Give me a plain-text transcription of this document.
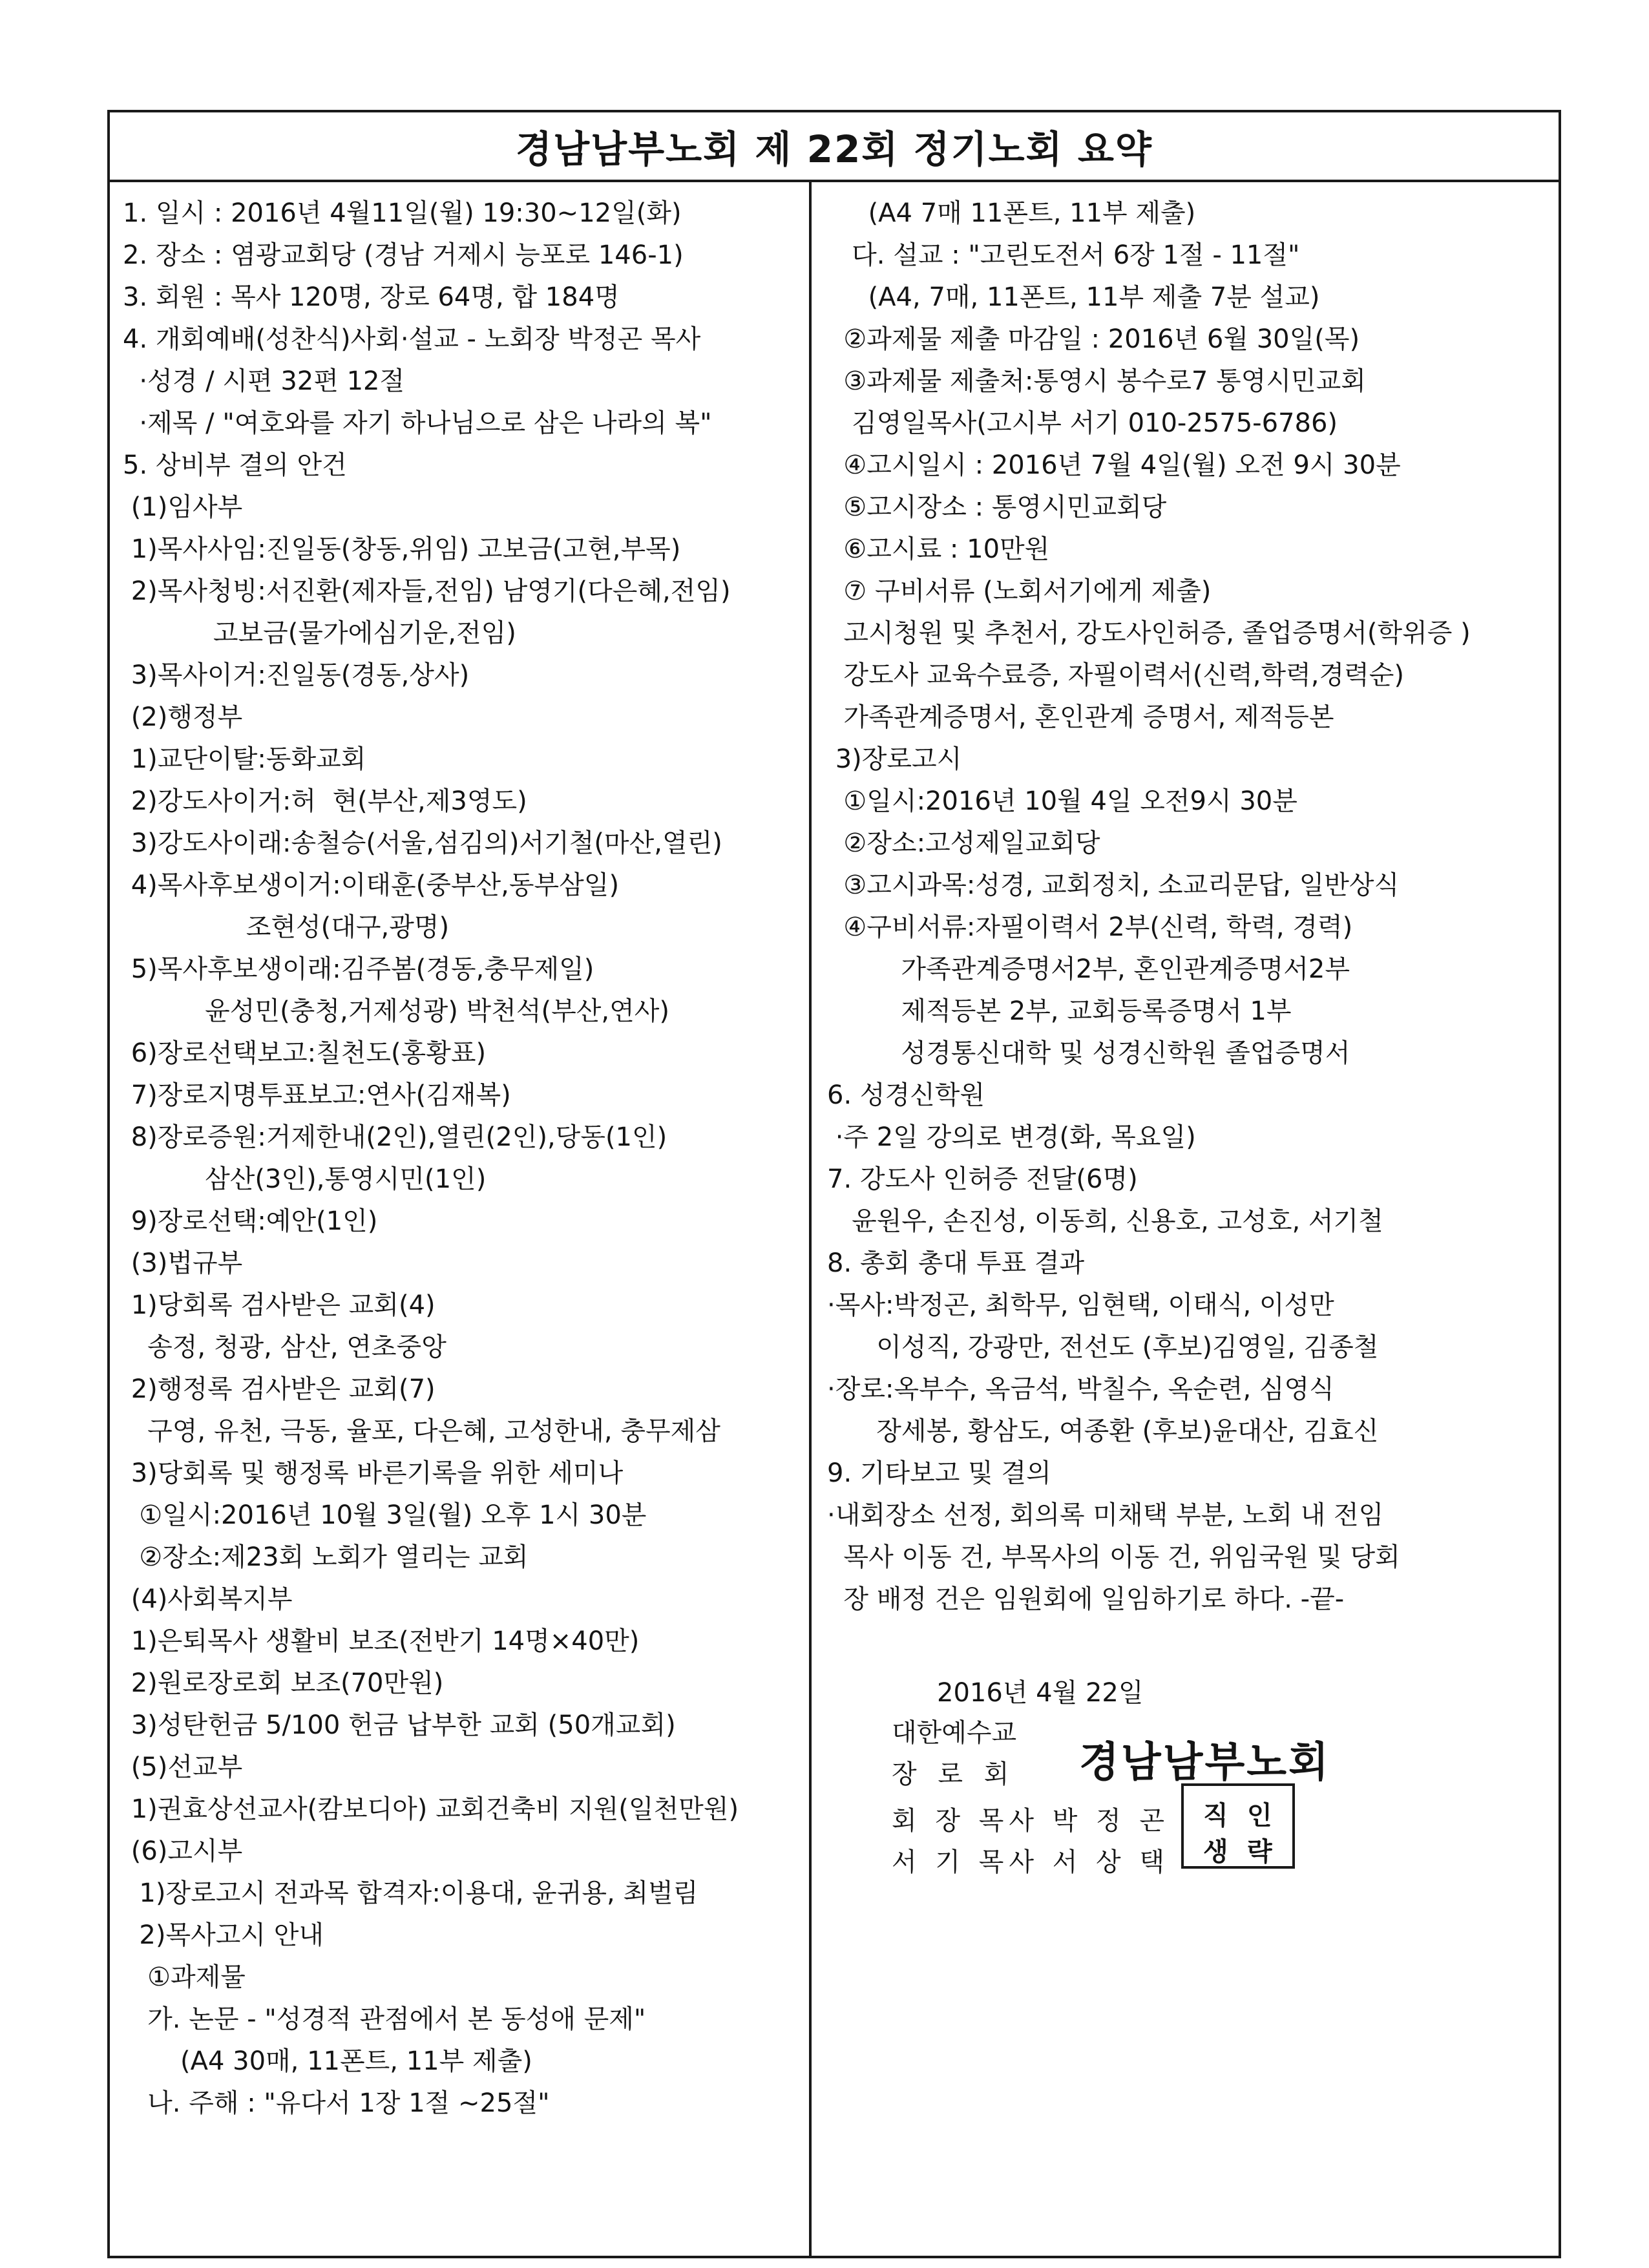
경남남부노회 제 22회 정기노회 요약
1. 일시 : 2016년 4월11일(월) 19:30~12일(화)
2. 장소 : 염광교회당 (경남 거제시 능포로 146-1)
3. 회원 : 목사 120명, 장로 64명, 합 184명
4. 개회예배(성찬식)사회·설교 - 노회장 박정곤 목사
·성경 / 시편 32편 12절
·제목 / "여호와를 자기 하나님으로 삼은 나라의 복"
5. 상비부 결의 안건
(1)임사부
1)목사사임:진일동(창동,위임) 고보금(고현,부목)
2)목사청빙:서진환(제자들,전임) 남영기(다은혜,전임)
고보금(물가에심기운,전임)
3)목사이거:진일동(경동,상사)
(2)행정부
1)교단이탈:동화교회
2)강도사이거:허  현(부산,제3영도)
3)강도사이래:송철승(서울,섬김의)서기철(마산,열린)
4)목사후보생이거:이태훈(중부산,동부삼일)
조현성(대구,광명)
5)목사후보생이래:김주봄(경동,충무제일)
윤성민(충청,거제성광) 박천석(부산,연사)
6)장로선택보고:칠천도(홍황표)
7)장로지명투표보고:연사(김재복)
8)장로증원:거제한내(2인),열린(2인),당동(1인)
삼산(3인),통영시민(1인)
9)장로선택:예안(1인)
(3)법규부
1)당회록 검사받은 교회(4)
송정, 청광, 삼산, 연초중앙
2)행정록 검사받은 교회(7)
구영, 유천, 극동, 율포, 다은혜, 고성한내, 충무제삼
3)당회록 및 행정록 바른기록을 위한 세미나
①일시:2016년 10월 3일(월) 오후 1시 30분
②장소:제23회 노회가 열리는 교회
(4)사회복지부
1)은퇴목사 생활비 보조(전반기 14명×40만)
2)원로장로회 보조(70만원)
3)성탄헌금 5/100 헌금 납부한 교회 (50개교회)
(5)선교부
1)권효상선교사(캄보디아) 교회건축비 지원(일천만원)
(6)고시부
1)장로고시 전과목 합격자:이용대, 윤귀용, 최벌림
2)목사고시 안내
①과제물
가. 논문 - "성경적 관점에서 본 동성애 문제"
(A4 30매, 11폰트, 11부 제출)
나. 주해 : "유다서 1장 1절 ~25절"
(A4 7매 11폰트, 11부 제출)
다. 설교 : "고린도전서 6장 1절 - 11절"
(A4, 7매, 11폰트, 11부 제출 7분 설교)
②과제물 제출 마감일 : 2016년 6월 30일(목)
③과제물 제출처:통영시 봉수로7 통영시민교회
김영일목사(고시부 서기 010-2575-6786)
④고시일시 : 2016년 7월 4일(월) 오전 9시 30분
⑤고시장소 : 통영시민교회당
⑥고시료 : 10만원
⑦ 구비서류 (노회서기에게 제출)
고시청원 및 추천서, 강도사인허증, 졸업증명서(학위증 )
강도사 교육수료증, 자필이력서(신력,학력,경력순)
가족관계증명서, 혼인관계 증명서, 제적등본
3)장로고시
①일시:2016년 10월 4일 오전9시 30분
②장소:고성제일교회당
③고시과목:성경, 교회정치, 소교리문답, 일반상식
④구비서류:자필이력서 2부(신력, 학력, 경력)
가족관계증명서2부, 혼인관계증명서2부
제적등본 2부, 교회등록증명서 1부
성경통신대학 및 성경신학원 졸업증명서
6. 성경신학원
·주 2일 강의로 변경(화, 목요일)
7. 강도사 인허증 전달(6명)
윤원우, 손진성, 이동희, 신용호, 고성호, 서기철
8. 총회 총대 투표 결과
·목사:박정곤, 최학무, 임현택, 이태식, 이성만
이성직, 강광만, 전선도 (후보)김영일, 김종철
·장로:옥부수, 옥금석, 박칠수, 옥순련, 심영식
장세봉, 황삼도, 여종환 (후보)윤대산, 김효신
9. 기타보고 및 결의
·내회장소 선정, 회의록 미채택 부분, 노회 내 전임
목사 이동 건, 부목사의 이동 건, 위임국원 및 당회
장 배정 건은 임원회에 일임하기로 하다. -끝-
2016년 4월 22일
대한예수교
장 로 회 경남남부노회
회 장 목사 박 정 곤
서 기 목사 서 상 택
직 인
생 략
